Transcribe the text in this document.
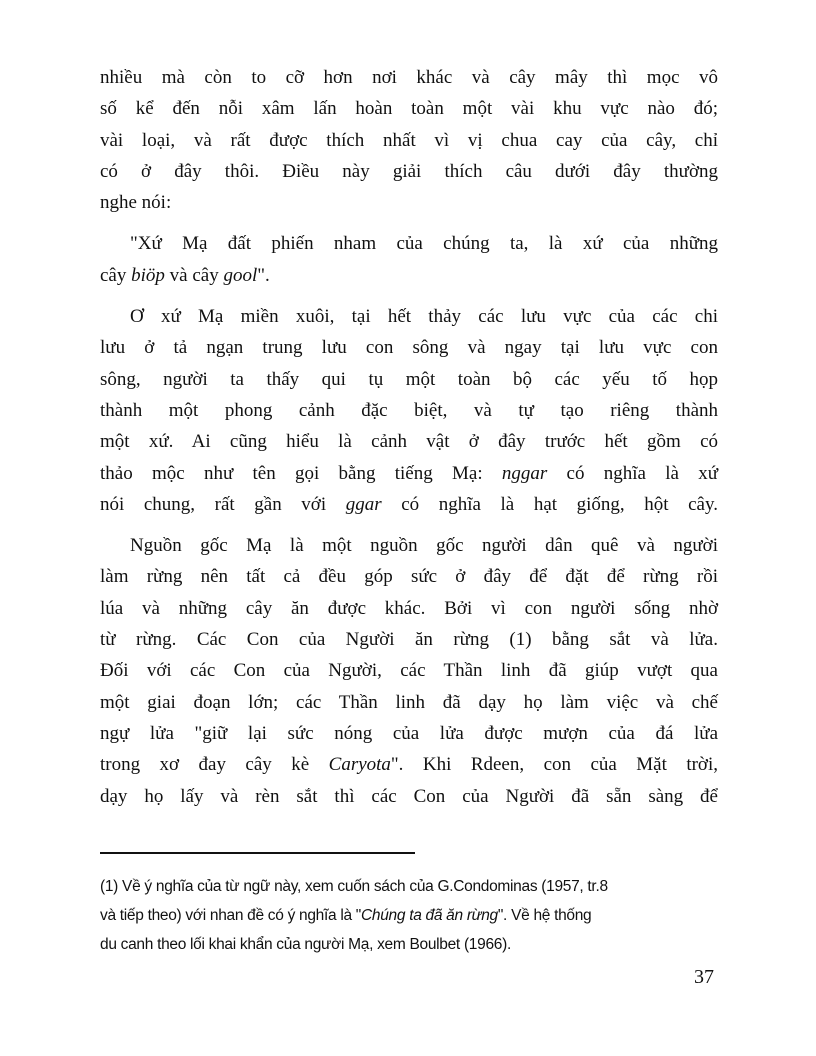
nhiều mà còn to cỡ hơn nơi khác và cây mây thì mọc vô
số kể đến nỗi xâm lấn hoàn toàn một vài khu vực nào đó;
vài loại, và rất được thích nhất vì vị chua cay của cây, chỉ
có ở đây thôi. Điều này giải thích câu dưới đây thường
nghe nói:

"Xứ Mạ đất phiến nham của chúng ta, là xứ của những
cây biöp và cây gool".

Ơ xứ Mạ miền xuôi, tại hết thảy các lưu vực của các chi
lưu ở tả ngạn trung lưu con sông và ngay tại lưu vực con
sông, người ta thấy qui tụ một toàn bộ các yếu tố họp
thành một phong cảnh đặc biệt, và tự tạo riêng thành
một xứ. Ai cũng hiểu là cảnh vật ở đây trước hết gồm có
thảo mộc như tên gọi bằng tiếng Mạ: nggar có nghĩa là xứ
nói chung, rất gần với ggar có nghĩa là hạt giống, hột cây.

Nguồn gốc Mạ là một nguồn gốc người dân quê và người
làm rừng nên tất cả đều góp sức ở đây để đặt để rừng rồi
lúa và những cây ăn được khác. Bởi vì con người sống nhờ
từ rừng. Các Con của Người ăn rừng (1) bằng sắt và lửa.
Đối với các Con của Người, các Thần linh đã giúp vượt qua
một giai đoạn lớn; các Thần linh đã dạy họ làm việc và chế
ngự lửa "giữ lại sức nóng của lửa được mượn của đá lửa
trong xơ đay cây kè Caryota". Khi Rdeen, con của Mặt trời,
dạy họ lấy và rèn sắt thì các Con của Người đã sẵn sàng để

(1) Về ý nghĩa của từ ngữ này, xem cuốn sách của G.Condominas (1957, tr.8
và tiếp theo) với nhan đề có ý nghĩa là "Chúng ta đã ăn rừng". Về hệ thống
du canh theo lối khai khẩn của người Mạ, xem Boulbet (1966).
37
